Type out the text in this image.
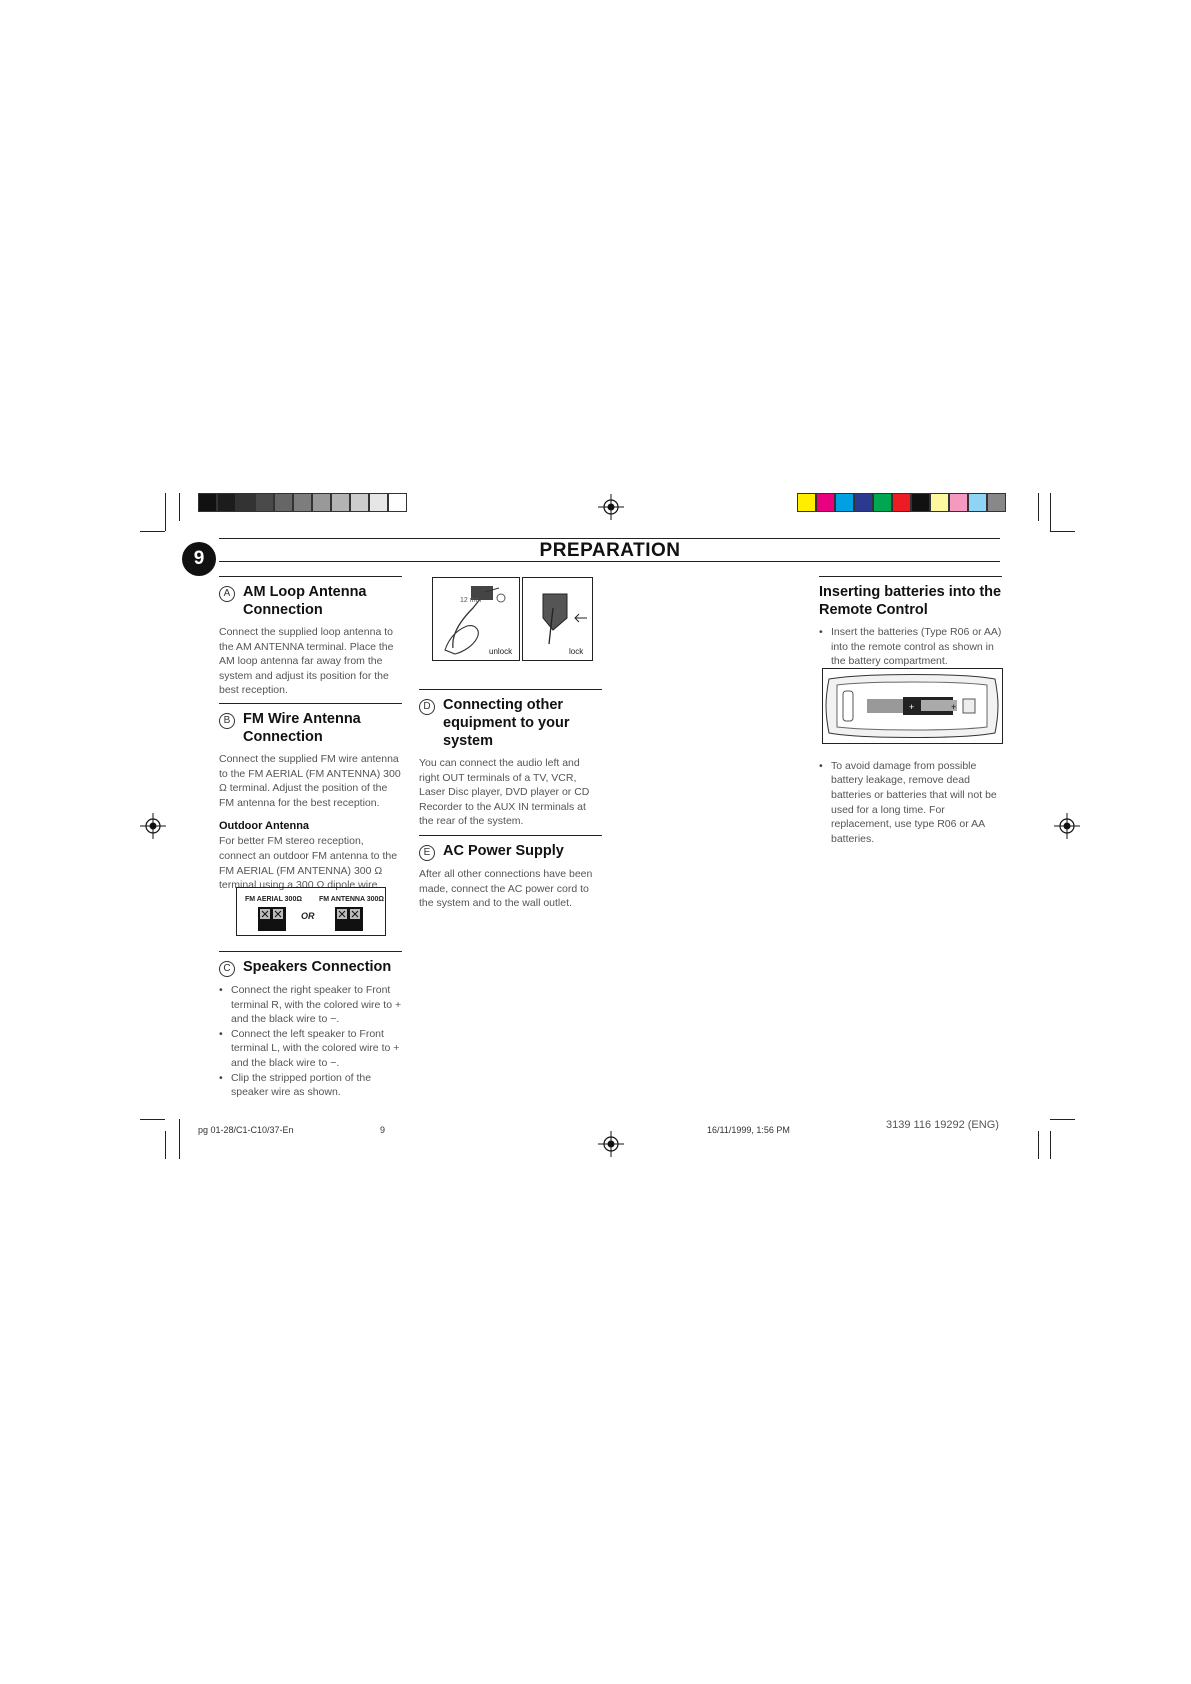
9	PREPARATION
A AM Loop Antenna Connection
Connect the supplied loop antenna to the AM ANTENNA terminal. Place the AM loop antenna far away from the system and adjust its position for the best reception.
B FM Wire Antenna Connection
Connect the supplied FM wire antenna to the FM AERIAL (FM ANTENNA) 300 Ω terminal. Adjust the position of the FM antenna for the best reception.
Outdoor Antenna
For better FM stereo reception, connect an outdoor FM antenna to the FM AERIAL (FM ANTENNA) 300 Ω terminal using a 300 Ω dipole wire.
FM AERIAL 300Ω FM ANTENNA 300Ω
OR
C Speakers Connection
• Connect the right speaker to Front terminal R, with the colored wire to + and the black wire to −.
• Connect the left speaker to Front terminal L, with the colored wire to + and the black wire to −.
• Clip the stripped portion of the speaker wire as shown.
12 mm
unlock	lock
D Connecting other equipment to your system
You can connect the audio left and right OUT terminals of a TV, VCR, Laser Disc player, DVD player or CD Recorder to the AUX IN terminals at the rear of the system.
E AC Power Supply
After all other connections have been made, connect the AC power cord to the system and to the wall outlet.
Inserting batteries into the Remote Control
• Insert the batteries (Type R06 or AA) into the remote control as shown in the battery compartment.
+	+
• To avoid damage from possible battery leakage, remove dead batteries or batteries that will not be used for a long time. For replacement, use type R06 or AA batteries.
pg 01-28/C1-C10/37-En	9	16/11/1999, 1:56 PM	3139 116 19292 (ENG)
